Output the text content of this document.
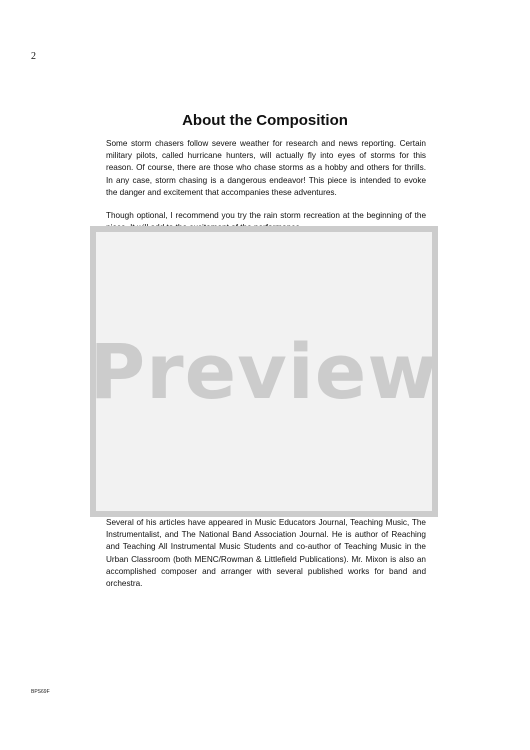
2
About the Composition

Some storm chasers follow severe weather for research and news reporting. Certain military pilots, called hurricane hunters, will actually fly into eyes of storms for this reason. Of course, there are those who chase storms as a hobby and others for thrills. In any case, storm chasing is a dangerous endeavor! This piece is intended to evoke the danger and excitement that accompanies these adventures.

Though optional, I recommend you try the rain storm recreation at the beginning of the

Several of his articles have appeared in Music Educators Journal, Teaching Music, The Instrumentalist, and The National Band Association Journal. He is author of Reaching and Teaching All Instrumental Music Students and co-author of Teaching Music in the Urban Classroom (both MENC/Rowman & Littlefield Publications). Mr. Mixon is also an accomplished composer and arranger with several published works for band and orchestra.

Preview
BPS69F
